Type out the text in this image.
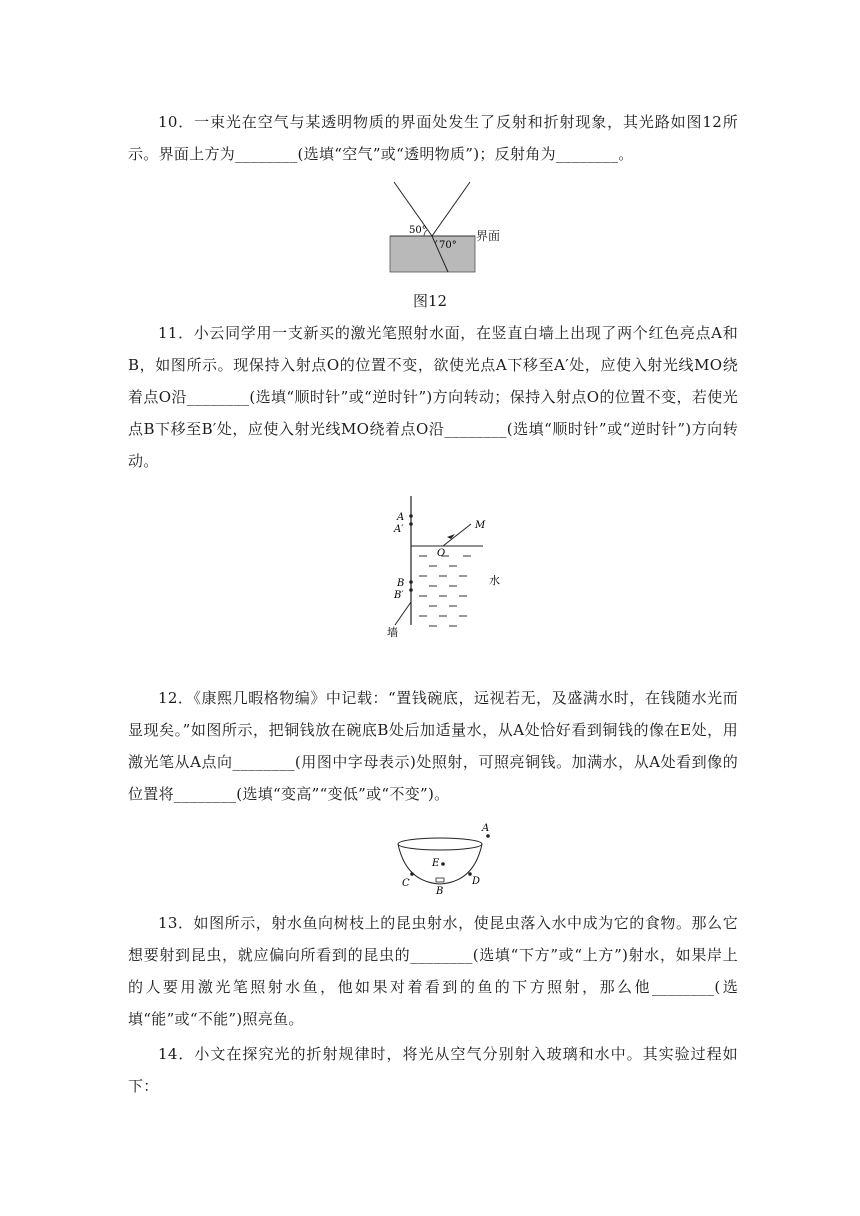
10．一束光在空气与某透明物质的界面处发生了反射和折射现象，其光路如图12所示。界面上方为________(选填“空气”或“透明物质”)；反射角为________。

50°
70°
界面
图12

11．小云同学用一支新买的激光笔照射水面，在竖直白墙上出现了两个红色亮点A和B，如图所示。现保持入射点O的位置不变，欲使光点A下移至A′处，应使入射光线MO绕着点O沿________(选填“顺时针”或“逆时针”)方向转动；保持入射点O的位置不变，若使光点B下移至B′处，应使入射光线MO绕着点O沿________(选填“顺时针”或“逆时针”)方向转动。

A
A′
B
B′
O
M
水
墙

12．《康熙几暇格物编》中记载：“置钱碗底，远视若无，及盛满水时，在钱随水光而显现矣。”如图所示，把铜钱放在碗底B处后加适量水，从A处恰好看到铜钱的像在E处，用激光笔从A点向________(用图中字母表示)处照射，可照亮铜钱。加满水，从A处看到像的位置将________(选填“变高”“变低”或“不变”)。

A
E
C
B
D

13．如图所示，射水鱼向树枝上的昆虫射水，使昆虫落入水中成为它的食物。那么它想要射到昆虫，就应偏向所看到的昆虫的________(选填“下方”或“上方”)射水，如果岸上的人要用激光笔照射水鱼，他如果对着看到的鱼的下方照射，那么他________(选填“能”或“不能”)照亮鱼。

14．小文在探究光的折射规律时，将光从空气分别射入玻璃和水中。其实验过程如下：
